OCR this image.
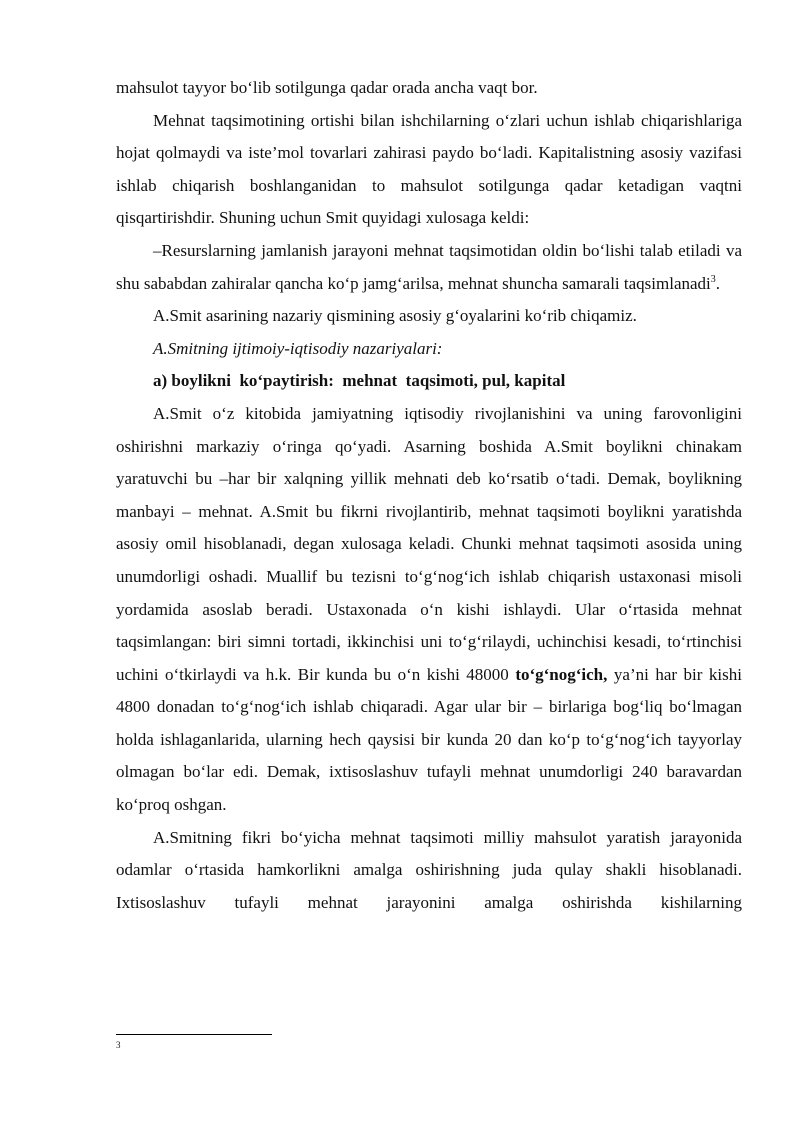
mahsulot tayyor bo‘lib sotilgunga qadar orada ancha vaqt bor.

Mehnat taqsimotining ortishi bilan ishchilarning o‘zlari uchun ishlab chiqarishlariga hojat qolmaydi va iste’mol tovarlari zahirasi paydo bo‘ladi. Kapitalistning asosiy vazifasi ishlab chiqarish boshlanganidan to mahsulot sotilgunga qadar ketadigan vaqtni qisqartirishdir. Shuning uchun Smit quyidagi xulosaga keldi:

–Resurslarning jamlanish jarayoni mehnat taqsimotidan oldin bo‘lishi talab etiladi va shu sababdan zahiralar qancha ko‘p jamg‘arilsa, mehnat shuncha samarali taqsimlanadi$^3$.

A.Smit asarining nazariy qismining asosiy g‘oyalarini ko‘rib chiqamiz.

A.Smitning ijtimoiy-iqtisodiy nazariyalari:

a) boylikni  ko‘paytirish:  mehnat  taqsimoti, pul, kapital

A.Smit o‘z kitobida jamiyatning iqtisodiy rivojlanishini va uning farovonligini oshirishni markaziy o‘ringa qo‘yadi. Asarning boshida A.Smit boylikni chinakam yaratuvchi bu –har bir xalqning yillik mehnati deb ko‘rsatib o‘tadi. Demak, boylikning manbayi – mehnat. A.Smit bu fikrni rivojlantirib, mehnat taqsimoti boylikni yaratishda asosiy omil hisoblanadi, degan xulosaga keladi. Chunki mehnat taqsimoti asosida uning unumdorligi oshadi. Muallif bu tezisni to‘g‘nog‘ich ishlab chiqarish ustaxonasi misoli yordamida asoslab beradi. Ustaxonada o‘n kishi ishlaydi. Ular o‘rtasida mehnat taqsimlangan: biri simni tortadi, ikkinchisi uni to‘g‘rilaydi, uchinchisi kesadi, to‘rtinchisi uchini o‘tkirlaydi va h.k. Bir kunda bu o‘n kishi 48000 to‘g‘nog‘ich, ya’ni har bir kishi 4800 donadan to‘g‘nog‘ich ishlab chiqaradi. Agar ular bir – birlariga bog‘liq bo‘lmagan holda ishlaganlarida, ularning hech qaysisi bir kunda 20 dan ko‘p to‘g‘nog‘ich tayyorlay olmagan bo‘lar edi. Demak, ixtisoslashuv tufayli mehnat unumdorligi 240 baravardan ko‘proq oshgan.

A.Smitning fikri bo‘yicha mehnat taqsimoti milliy mahsulot yaratish jarayonida odamlar o‘rtasida hamkorlikni amalga oshirishning juda qulay shakli hisoblanadi. Ixtisoslashuv tufayli mehnat jarayonini amalga oshirishda kishilarning

3
